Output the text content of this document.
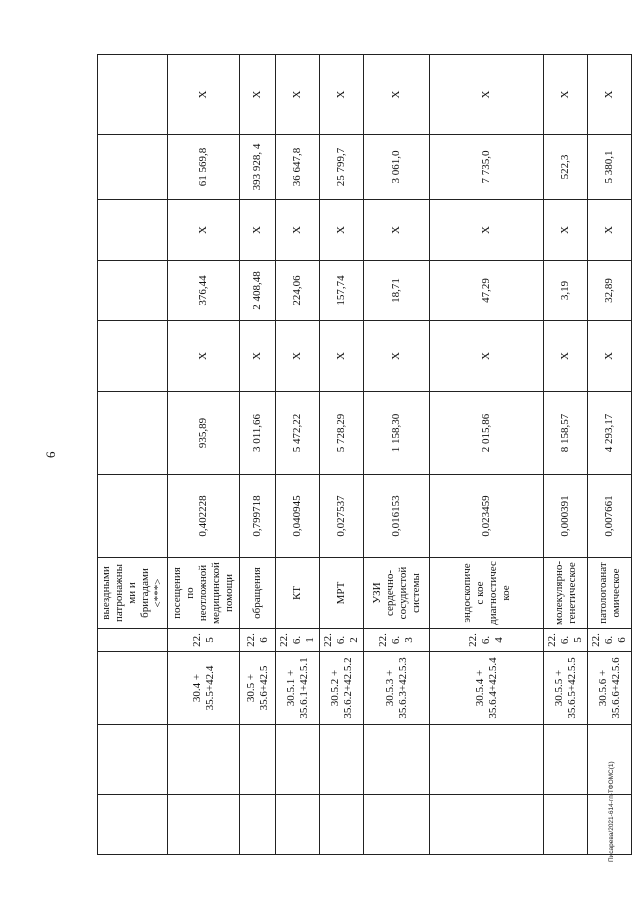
6
Писарева/2021-614-гп-ТФОМС(1)
				выездными патронажными и бригадами <***>							
		30.4 + 35.5+42.4	22.5	посещения по неотложной медицинской помощи	0,402228	935,89	X	376,44	X	61 569,8	X
		30.5 + 35.6+42.5	22.6	обращения	0,799718	3 011,66	X	2 408,48	X	393 928, 4	X
		30.5.1 + 35.6.1+42.5.1	22.6. 1	КТ	0,040945	5 472,22	X	224,06	X	36 647,8	X
		30.5.2 + 35.6.2+42.5.2	22.6. 2	МРТ	0,027537	5 728,29	X	157,74	X	25 799,7	X
		30.5.3 + 35.6.3+42.5.3	22.6. 3	УЗИ сердечно-сосудистой системы	0,016153	1 158,30	X	18,71	X	3 061,0	X
		30.5.4 + 35.6.4+42.5.4	22.6. 4	эндоскопичес кое диагностичес кое	0,023459	2 015,86	X	47,29	X	7 735,0	X
		30.5.5 + 35.6.5+42.5.5	22.6. 5	молекулярно-генетическое	0,000391	8 158,57	X	3,19	X	522,3	X
		30.5.6 + 35.6.6+42.5.6	22.6. 6	патологоанат омическое	0,007661	4 293,17	X	32,89	X	5 380,1	X
